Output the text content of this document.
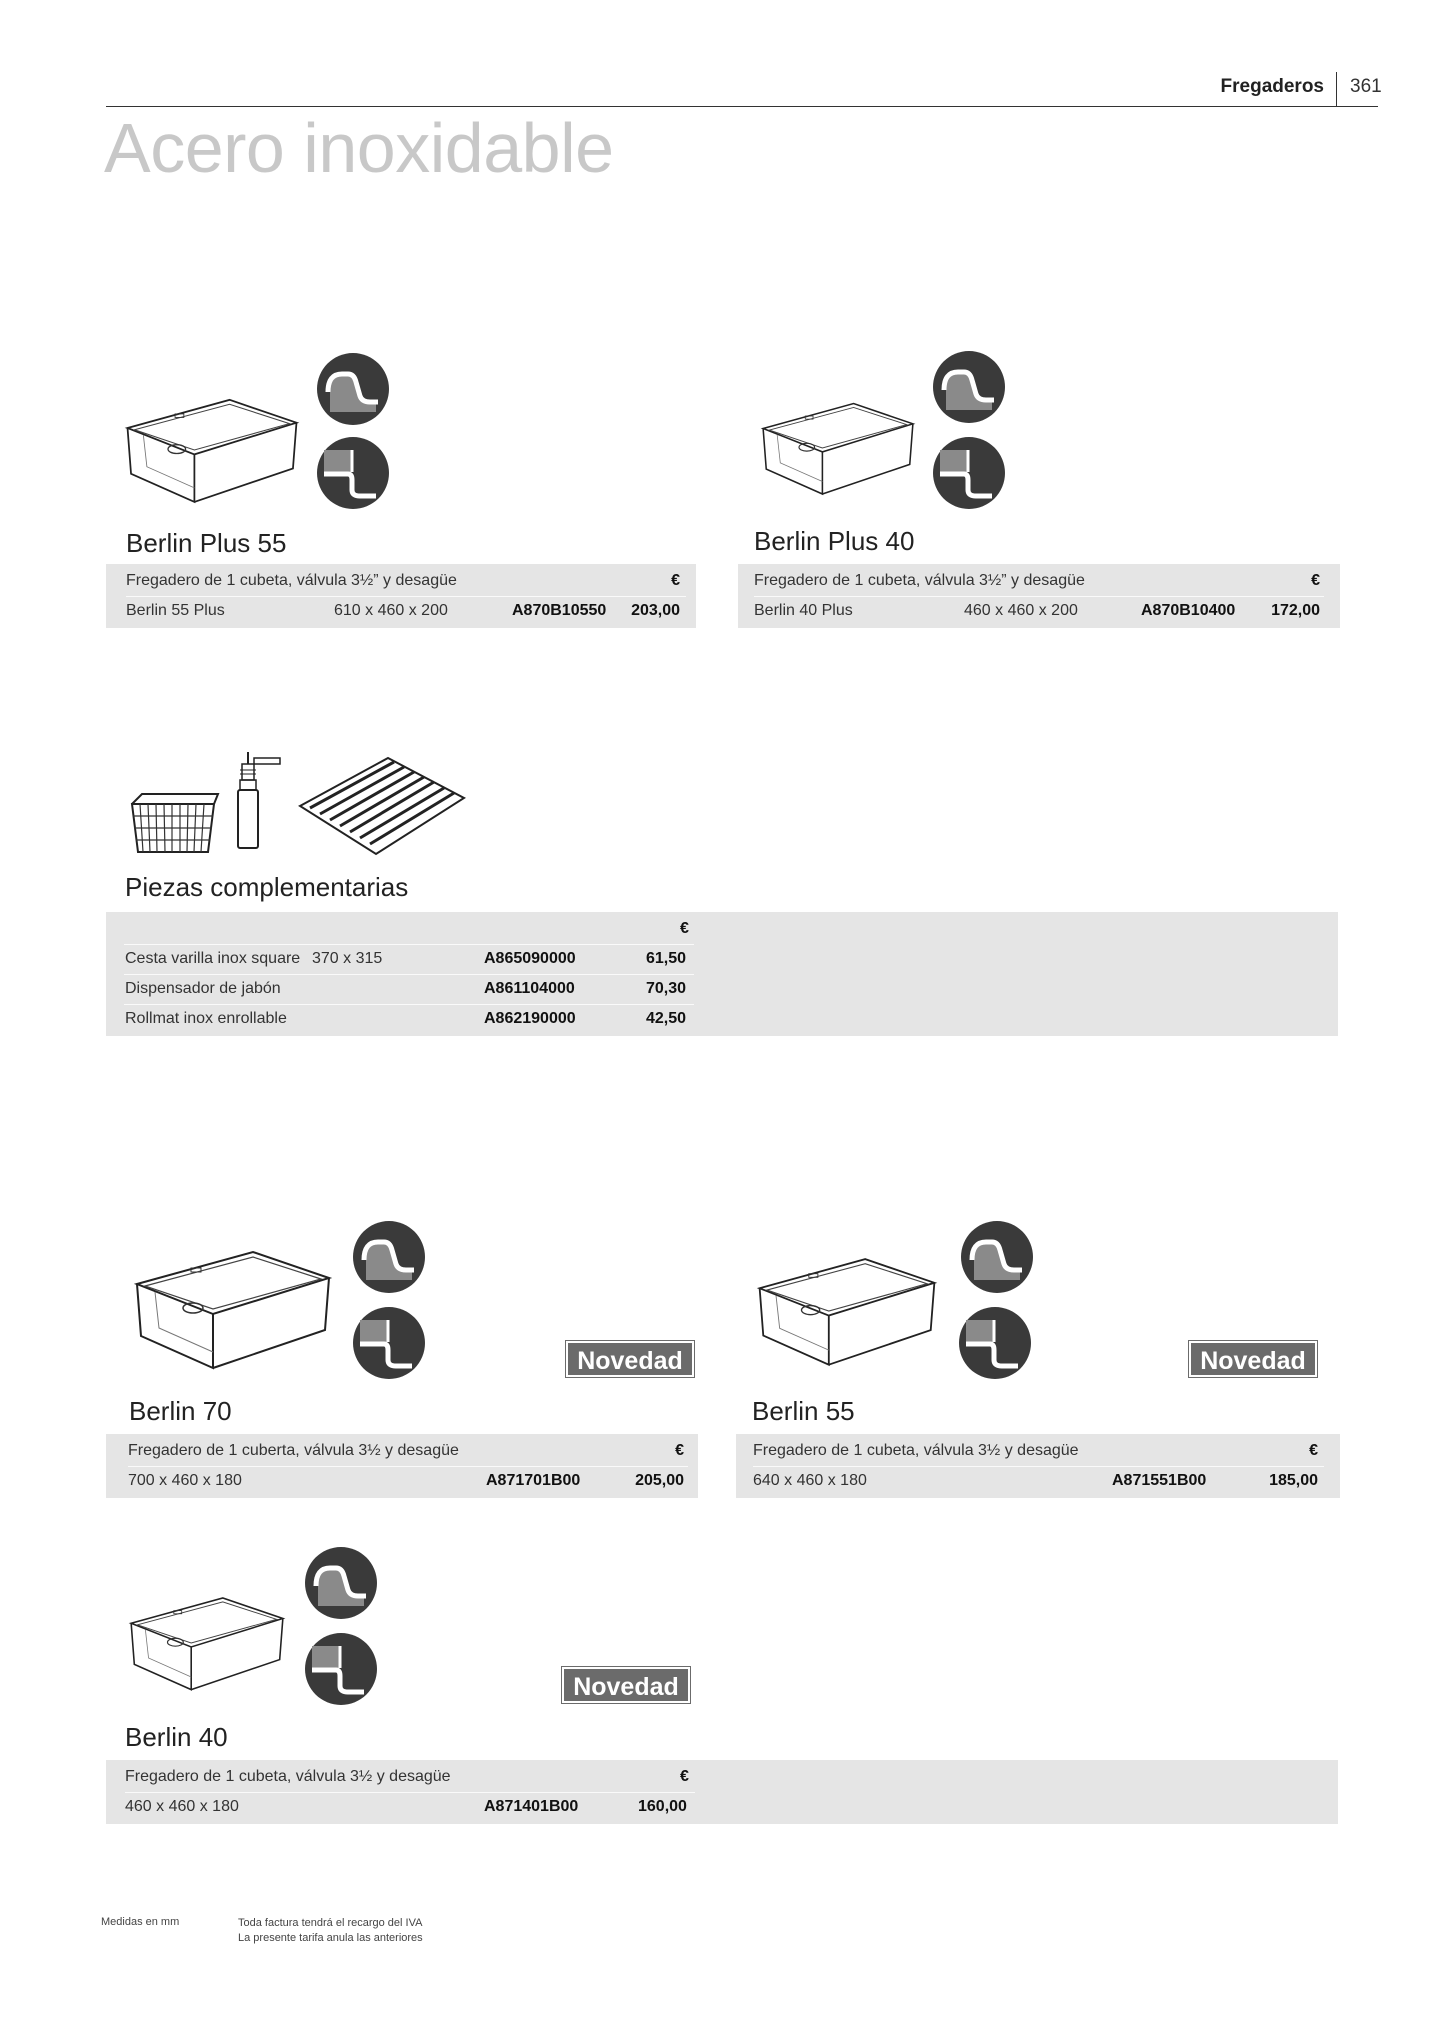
Fregaderos 361
Acero inoxidable
Berlin Plus 55
Fregadero de 1 cubeta, válvula 3½” y desagüe	€
Berlin 55 Plus	610 x 460 x 200	A870B10550 203,00
Berlin Plus 40
Fregadero de 1 cubeta, válvula 3½” y desagüe	€
Berlin 40 Plus	460 x 460 x 200	A870B10400 172,00
Piezas complementarias
€
Cesta varilla inox square 370 x 315	A865090000	61,50
Dispensador de jabón	A861104000	70,30
Rollmat inox enrollable	A862190000	42,50
Novedad
Berlin 70
Fregadero de 1 cuberta, válvula 3½ y desagüe	€
700 x 460 x 180	A871701B00	205,00
Novedad
Berlin 55
Fregadero de 1 cubeta, válvula 3½ y desagüe	€
640 x 460 x 180	A871551B00	185,00
Novedad
Berlin 40
Fregadero de 1 cubeta, válvula 3½ y desagüe	€
460 x 460 x 180	A871401B00	160,00
Medidas en mm	Toda factura tendrá el recargo del IVA
La presente tarifa anula las anteriores
